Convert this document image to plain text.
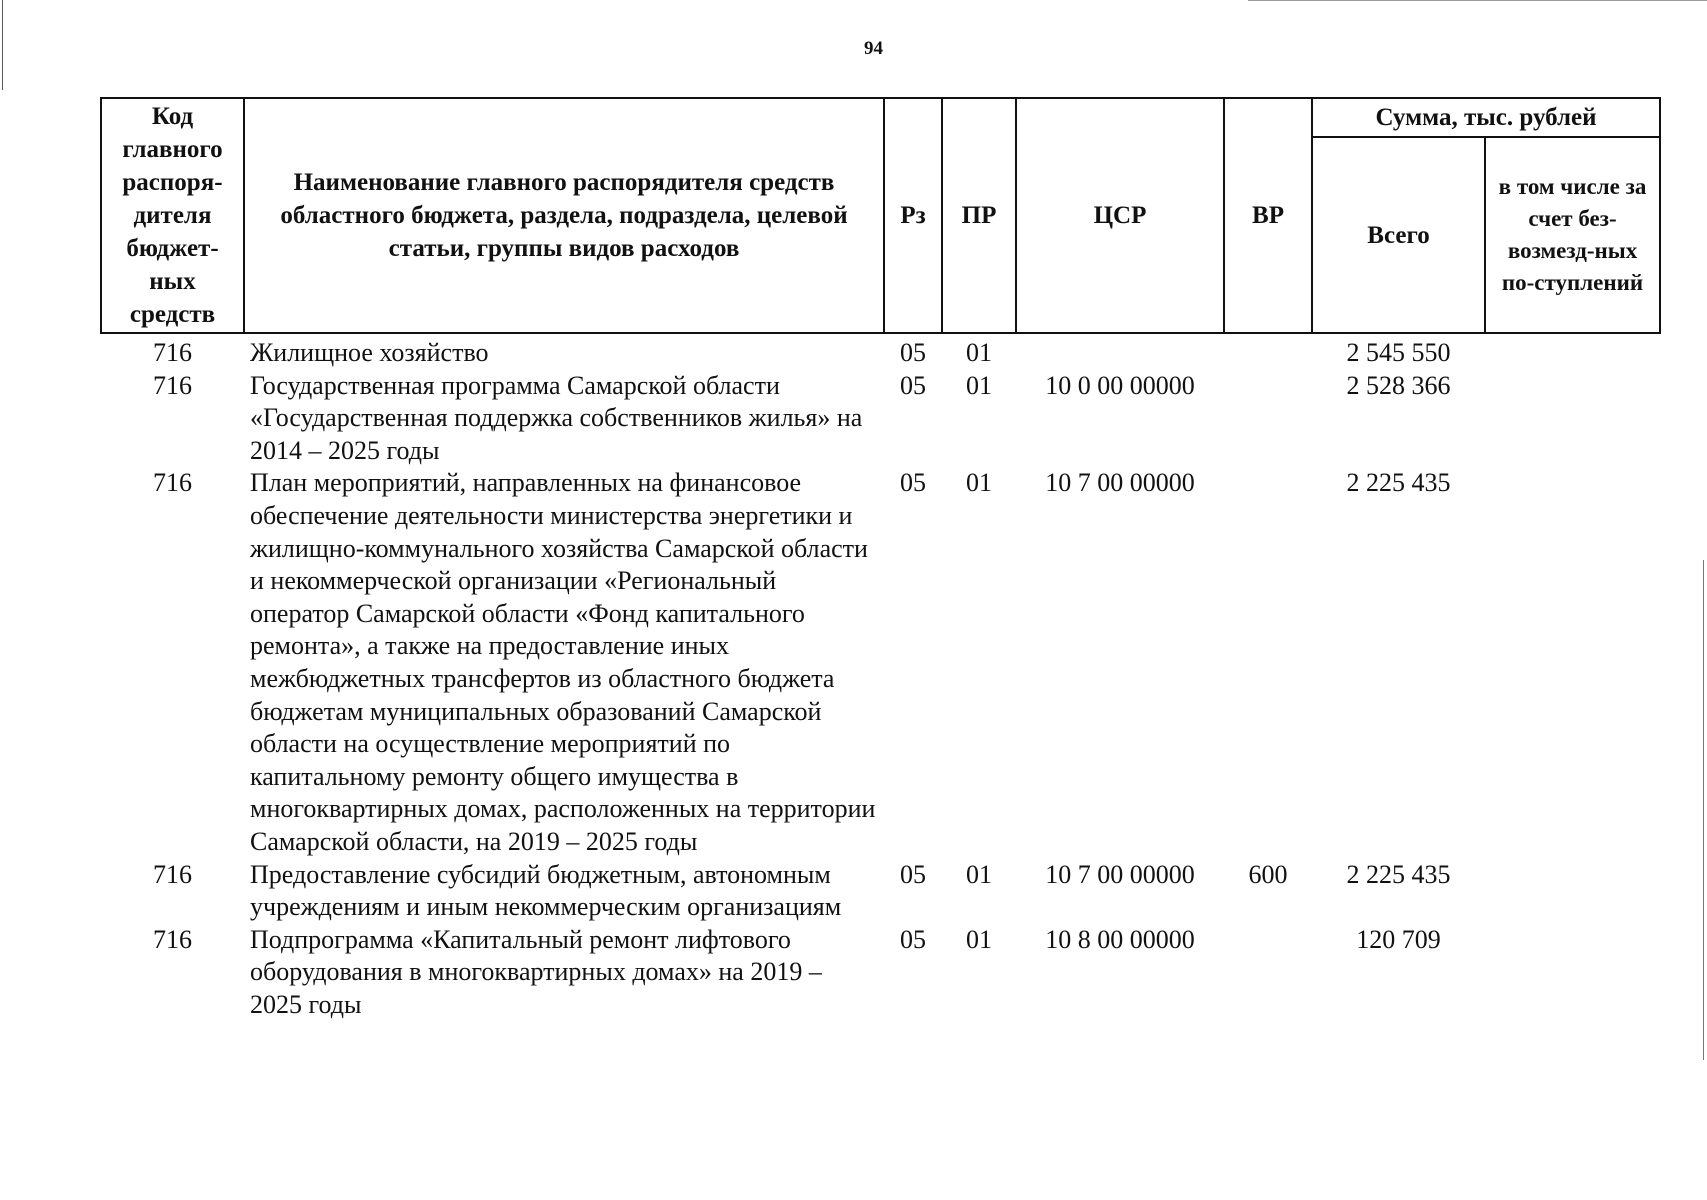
94
Код главного распоря-дителя бюджет-ных средств	Наименование главного распорядителя средств областного бюджета, раздела, подраздела, целевой статьи, группы видов расходов	Рз	ПР	ЦСР	ВР	Сумма, тыс. рублей	
						Всего	в том числе за счет без-возмезд-ных по-ступлений
716	Жилищное хозяйство	05	01			2 545 550	
716	Государственная программа Самарской области «Государственная поддержка собственников жилья» на 2014 – 2025 годы	05	01	10 0 00 00000		2 528 366	
716	План мероприятий, направленных на финансовое обеспечение деятельности министерства энергетики и жилищно-коммунального хозяйства Самарской области и некоммерческой организации «Региональный оператор Самарской области «Фонд капитального ремонта», а также на предоставление иных межбюджетных трансфертов из областного бюджета бюджетам муниципальных образований Самарской области на осуществление мероприятий по капитальному ремонту общего имущества в многоквартирных домах, расположенных на территории Самарской области, на 2019 – 2025 годы	05	01	10 7 00 00000		2 225 435	
716	Предоставление субсидий бюджетным, автономным учреждениям и иным некоммерческим организациям	05	01	10 7 00 00000	600	2 225 435	
716	Подпрограмма «Капитальный ремонт лифтового оборудования в многоквартирных домах» на 2019 – 2025 годы	05	01	10 8 00 00000		120 709	
